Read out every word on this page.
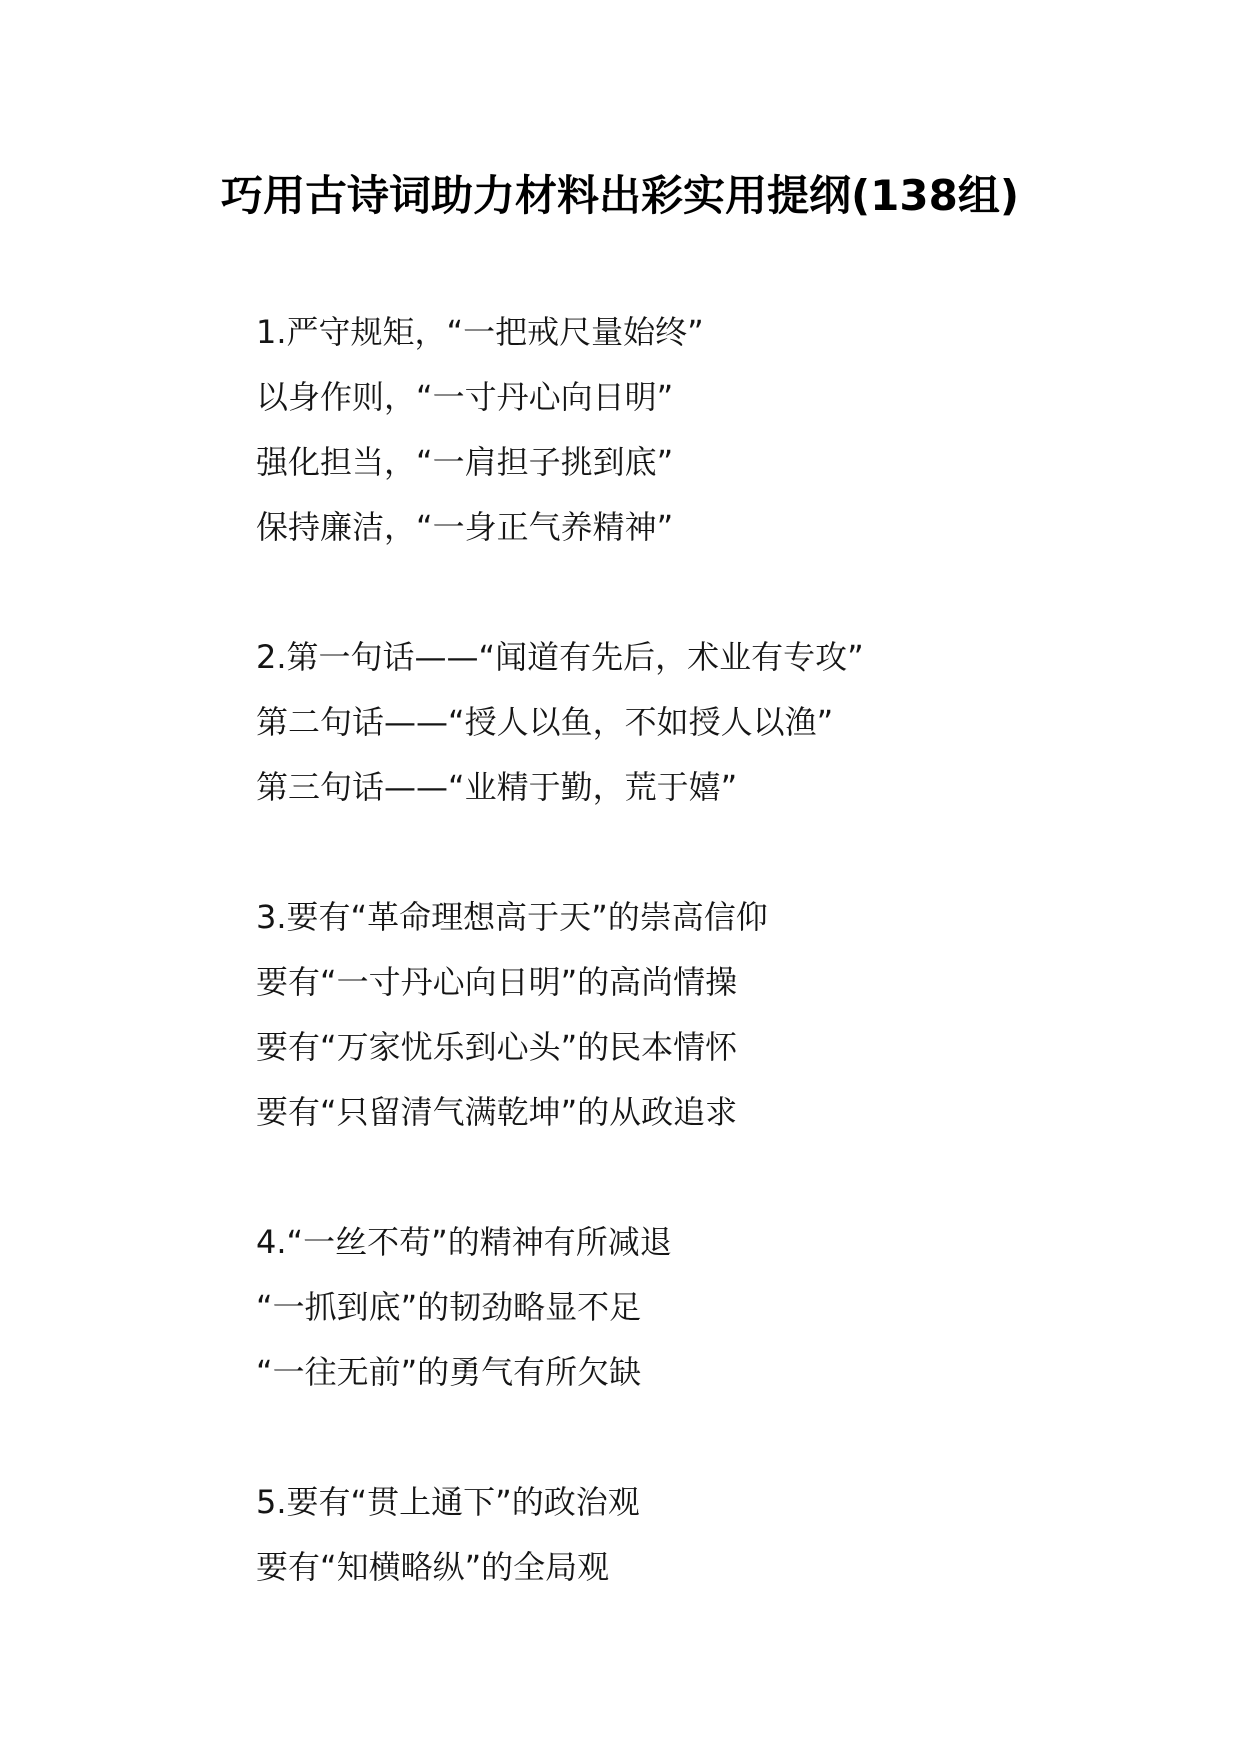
巧用古诗词助力材料出彩实用提纲(138组)
1.严守规矩，“一把戒尺量始终”
以身作则，“一寸丹心向日明”
强化担当，“一肩担子挑到底”
保持廉洁，“一身正气养精神”
2.第一句话——“闻道有先后，术业有专攻”
第二句话——“授人以鱼，不如授人以渔”
第三句话——“业精于勤，荒于嬉”
3.要有“革命理想高于天”的崇高信仰
要有“一寸丹心向日明”的高尚情操
要有“万家忧乐到心头”的民本情怀
要有“只留清气满乾坤”的从政追求
4.“一丝不苟”的精神有所减退
“一抓到底”的韧劲略显不足
“一往无前”的勇气有所欠缺
5.要有“贯上通下”的政治观
要有“知横略纵”的全局观
